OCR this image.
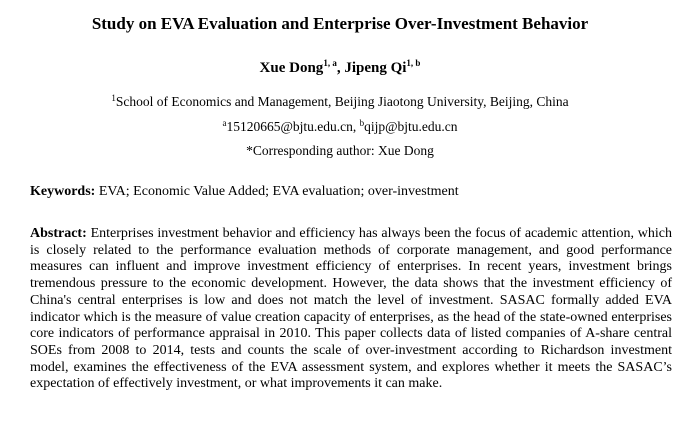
Study on EVA Evaluation and Enterprise Over-Investment Behavior
Xue Dong$^{1, a}$, Jipeng Qi$^{1, b}$
$^1$School of Economics and Management, Beijing Jiaotong University, Beijing, China
$^a$15120665@bjtu.edu.cn, $^b$qijp@bjtu.edu.cn
*Corresponding author: Xue Dong
Keywords: EVA; Economic Value Added; EVA evaluation; over-investment
Abstract: Enterprises investment behavior and efficiency has always been the focus of academic attention, which is closely related to the performance evaluation methods of corporate management, and good performance measures can influent and improve investment efficiency of enterprises. In recent years, investment brings tremendous pressure to the economic development. However, the data shows that the investment efficiency of China's central enterprises is low and does not match the level of investment. SASAC formally added EVA indicator which is the measure of value creation capacity of enterprises, as the head of the state-owned enterprises core indicators of performance appraisal in 2010. This paper collects data of listed companies of A-share central SOEs from 2008 to 2014, tests and counts the scale of over-investment according to Richardson investment model, examines the effectiveness of the EVA assessment system, and explores whether it meets the SASAC’s expectation of effectively investment, or what improvements it can make.
